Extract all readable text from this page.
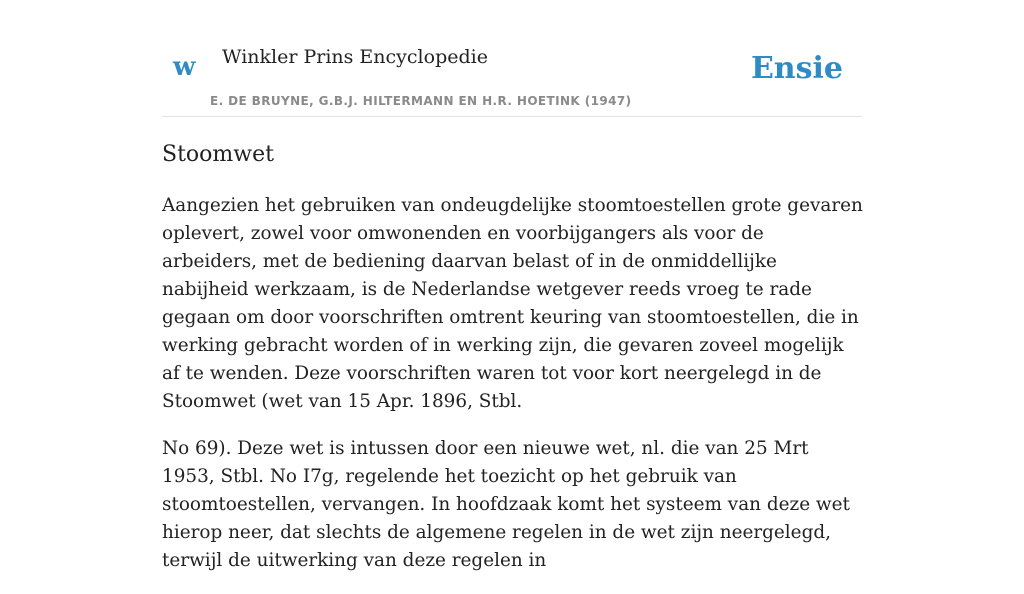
w Winkler Prins Encyclopedie
E. DE BRUYNE, G.B.J. HILTERMANN EN H.R. HOETINK (1947)
Ensie
Stoomwet

Aangezien het gebruiken van ondeugdelijke stoomtoestellen grote gevaren oplevert, zowel voor omwonenden en voorbijgangers als voor de arbeiders, met de bediening daarvan belast of in de onmiddellijke nabijheid werkzaam, is de Nederlandse wetgever reeds vroeg te rade gegaan om door voorschriften omtrent keuring van stoomtoestellen, die in werking gebracht worden of in werking zijn, die gevaren zoveel mogelijk af te wenden. Deze voorschriften waren tot voor kort neergelegd in de Stoomwet (wet van 15 Apr. 1896, Stbl.

No 69). Deze wet is intussen door een nieuwe wet, nl. die van 25 Mrt 1953, Stbl. No I7g, regelende het toezicht op het gebruik van stoomtoestellen, vervangen. In hoofdzaak komt het systeem van deze wet hierop neer, dat slechts de algemene regelen in de wet zijn neergelegd, terwijl de uitwerking van deze regelen in
